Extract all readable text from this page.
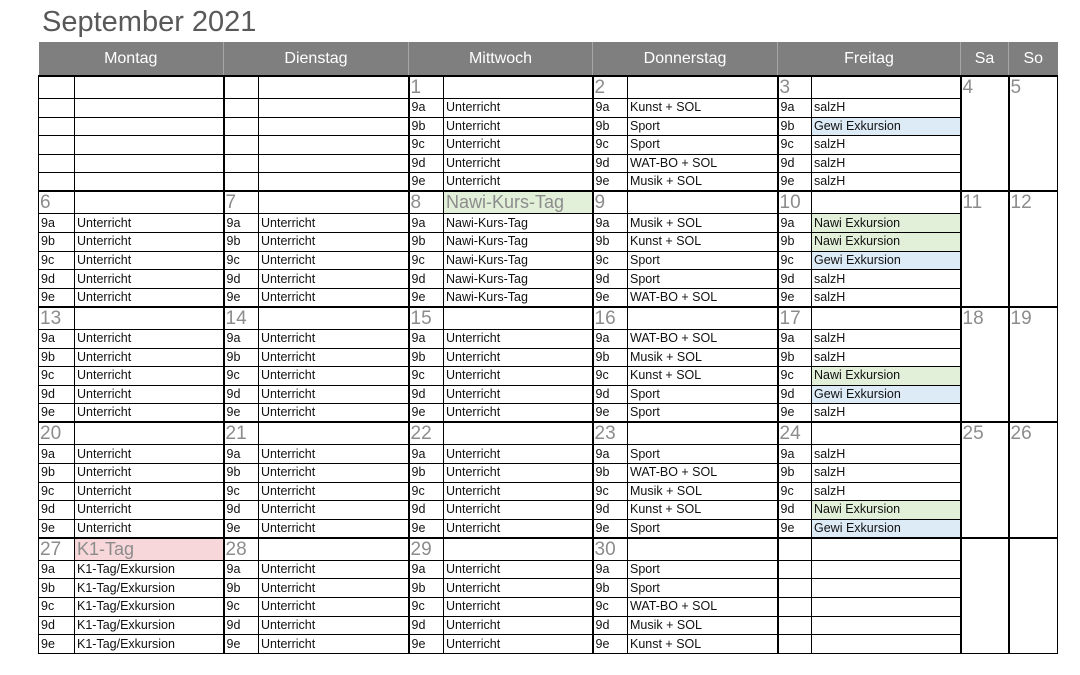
September 2021
Montag		Dienstag		Mittwoch		Donnerstag		Freitag		Sa	So
				1		2		3		4	5
				9a	Unterricht	9a	Kunst + SOL	9a	salzH		
				9b	Unterricht	9b	Sport	9b	Gewi Exkursion		
				9c	Unterricht	9c	Sport	9c	salzH		
				9d	Unterricht	9d	WAT-BO + SOL	9d	salzH		
				9e	Unterricht	9e	Musik + SOL	9e	salzH		
6		7		8	Nawi-Kurs-Tag	9		10		11	12
9a	Unterricht	9a	Unterricht	9a	Nawi-Kurs-Tag	9a	Musik + SOL	9a	Nawi Exkursion		
9b	Unterricht	9b	Unterricht	9b	Nawi-Kurs-Tag	9b	Kunst + SOL	9b	Nawi Exkursion		
9c	Unterricht	9c	Unterricht	9c	Nawi-Kurs-Tag	9c	Sport	9c	Gewi Exkursion		
9d	Unterricht	9d	Unterricht	9d	Nawi-Kurs-Tag	9d	Sport	9d	salzH		
9e	Unterricht	9e	Unterricht	9e	Nawi-Kurs-Tag	9e	WAT-BO + SOL	9e	salzH		
13		14		15		16		17		18	19
9a	Unterricht	9a	Unterricht	9a	Unterricht	9a	WAT-BO + SOL	9a	salzH		
9b	Unterricht	9b	Unterricht	9b	Unterricht	9b	Musik + SOL	9b	salzH		
9c	Unterricht	9c	Unterricht	9c	Unterricht	9c	Kunst + SOL	9c	Nawi Exkursion		
9d	Unterricht	9d	Unterricht	9d	Unterricht	9d	Sport	9d	Gewi Exkursion		
9e	Unterricht	9e	Unterricht	9e	Unterricht	9e	Sport	9e	salzH		
20		21		22		23		24		25	26
9a	Unterricht	9a	Unterricht	9a	Unterricht	9a	Sport	9a	salzH		
9b	Unterricht	9b	Unterricht	9b	Unterricht	9b	WAT-BO + SOL	9b	salzH		
9c	Unterricht	9c	Unterricht	9c	Unterricht	9c	Musik + SOL	9c	salzH		
9d	Unterricht	9d	Unterricht	9d	Unterricht	9d	Kunst + SOL	9d	Nawi Exkursion		
9e	Unterricht	9e	Unterricht	9e	Unterricht	9e	Sport	9e	Gewi Exkursion		
27	K1-Tag	28		29		30					
9a	K1-Tag/Exkursion	9a	Unterricht	9a	Unterricht	9a	Sport				
9b	K1-Tag/Exkursion	9b	Unterricht	9b	Unterricht	9b	Sport				
9c	K1-Tag/Exkursion	9c	Unterricht	9c	Unterricht	9c	WAT-BO + SOL				
9d	K1-Tag/Exkursion	9d	Unterricht	9d	Unterricht	9d	Musik + SOL				
9e	K1-Tag/Exkursion	9e	Unterricht	9e	Unterricht	9e	Kunst + SOL				
